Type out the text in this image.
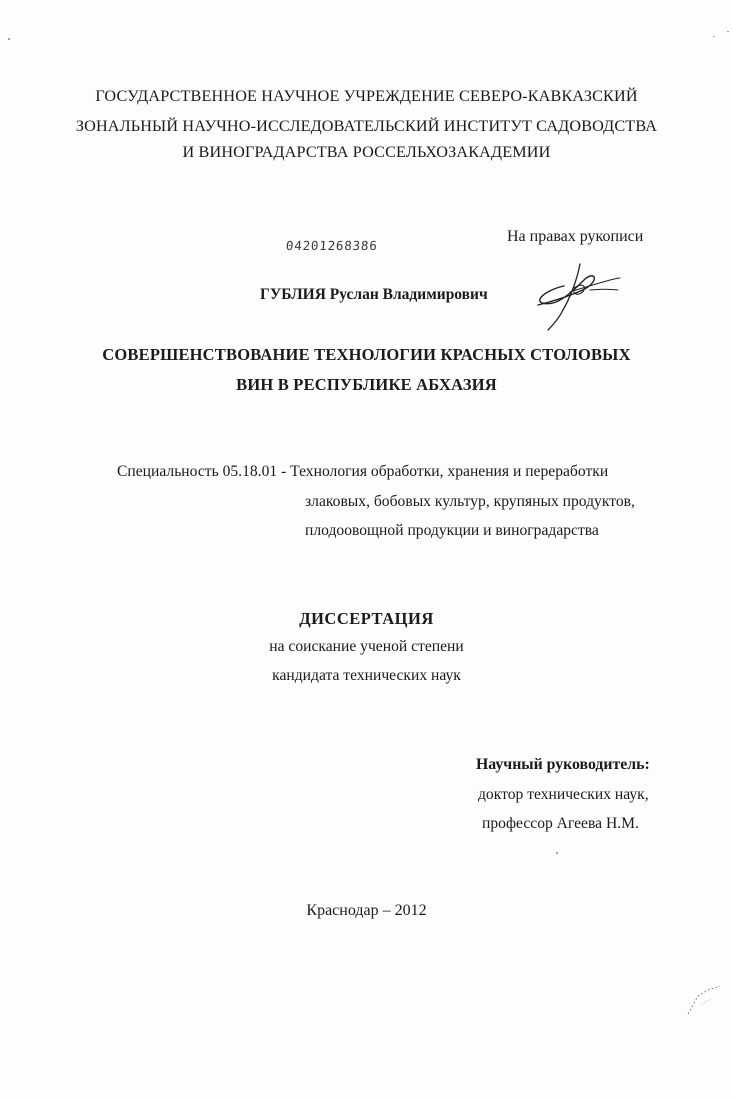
ГОСУДАРСТВЕННОЕ НАУЧНОЕ УЧРЕЖДЕНИЕ СЕВЕРО-КАВКАЗСКИЙ
ЗОНАЛЬНЫЙ НАУЧНО-ИССЛЕДОВАТЕЛЬСКИЙ ИНСТИТУТ САДОВОДСТВА
И ВИНОГРАДАРСТВА РОССЕЛЬХОЗАКАДЕМИИ
04201268386
На правах рукописи
ГУБЛИЯ Руслан Владимирович
СОВЕРШЕНСТВОВАНИЕ ТЕХНОЛОГИИ КРАСНЫХ СТОЛОВЫХ
ВИН В РЕСПУБЛИКЕ АБХАЗИЯ
Специальность 05.18.01 - Технология обработки, хранения и переработки
злаковых, бобовых культур, крупяных продуктов,
плодоовощной продукции и виноградарства
ДИССЕРТАЦИЯ
на соискание ученой степени
кандидата технических наук
Научный руководитель:
доктор технических наук,
профессор Агеева Н.М.
Краснодар – 2012
